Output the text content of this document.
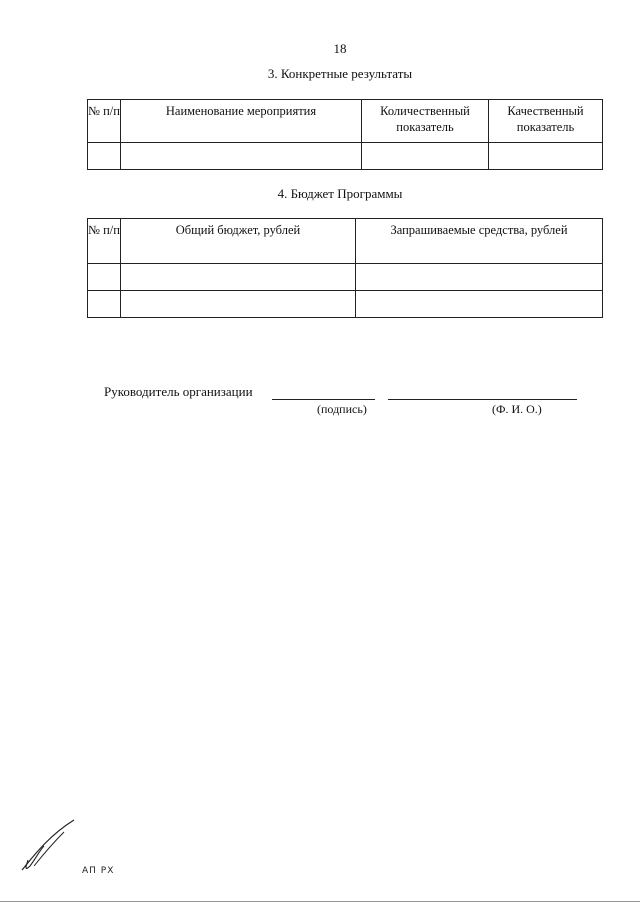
18
3. Конкретные результаты
№ п/п	Наименование мероприятия	Количественный показатель	Качественный показатель

4. Бюджет Программы
№ п/п	Общий бюджет, рублей	Запрашиваемые средства, рублей

Руководитель организации
(подпись)	(Ф. И. О.)
АП РХ
